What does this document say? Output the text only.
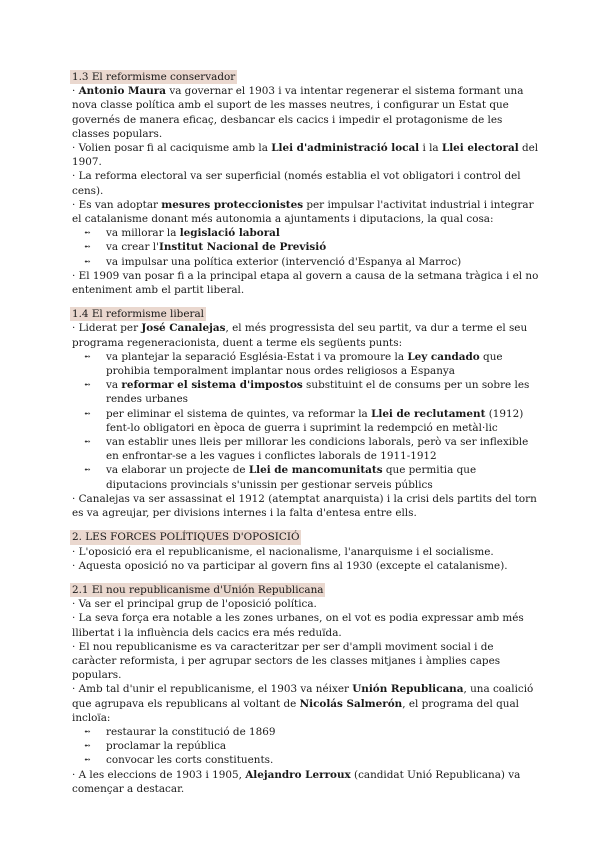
1.3 El reformisme conservador

· Antonio Maura va governar el 1903 i va intentar regenerar el sistema formant una nova classe política amb el suport de les masses neutres, i configurar un Estat que governés de manera eficaç, desbancar els cacics i impedir el protagonisme de les classes populars.

· Volien posar fi al caciquisme amb la Llei d'administració local i la Llei electoral del 1907.

· La reforma electoral va ser superficial (només establia el vot obligatori i control del cens).

· Es van adoptar mesures proteccionistes per impulsar l'activitat industrial i integrar el catalanisme donant més autonomia a ajuntaments i diputacions, la qual cosa:

➻ va millorar la legislació laboral
➻ va crear l'Institut Nacional de Previsió
➻ va impulsar una política exterior (intervenció d'Espanya al Marroc)

· El 1909 van posar fi a la principal etapa al govern a causa de la setmana tràgica i el no enteniment amb el partit liberal.

1.4 El reformisme liberal

· Liderat per José Canalejas, el més progressista del seu partit, va dur a terme el seu programa regeneracionista, duent a terme els següents punts:

➻ va plantejar la separació Església-Estat i va promoure la Ley candado que prohibia temporalment implantar nous ordes religiosos a Espanya
➻ va reformar el sistema d'impostos substituint el de consums per un sobre les rendes urbanes
➻ per eliminar el sistema de quintes, va reformar la Llei de reclutament (1912) fent-lo obligatori en època de guerra i suprimint la redempció en metàl·lic
➻ van establir unes lleis per millorar les condicions laborals, però va ser inflexible en enfrontar-se a les vagues i conflictes laborals de 1911-1912
➻ va elaborar un projecte de Llei de mancomunitats que permitia que diputacions provincials s'unissin per gestionar serveis públics

· Canalejas va ser assassinat el 1912 (atemptat anarquista) i la crisi dels partits del torn es va agreujar, per divisions internes i la falta d'entesa entre ells.

2. LES FORCES POLÍTIQUES D'OPOSICIÓ

· L'oposició era el republicanisme, el nacionalisme, l'anarquisme i el socialisme.

· Aquesta oposició no va participar al govern fins al 1930 (excepte el catalanisme).

2.1 El nou republicanisme d'Unión Republicana

· Va ser el principal grup de l'oposició política.

· La seva força era notable a les zones urbanes, on el vot es podia expressar amb més llibertat i la influència dels cacics era més reduïda.

· El nou republicanisme es va caracteritzar per ser d'ampli moviment social i de caràcter reformista, i per agrupar sectors de les classes mitjanes i àmplies capes populars.

· Amb tal d'unir el republicanisme, el 1903 va néixer Unión Republicana, una coalició que agrupava els republicans al voltant de Nicolás Salmerón, el programa del qual incloïa:

➻ restaurar la constitució de 1869
➻ proclamar la república
➻ convocar les corts constituents.

· A les eleccions de 1903 i 1905, Alejandro Lerroux (candidat Unió Republicana) va començar a destacar.
